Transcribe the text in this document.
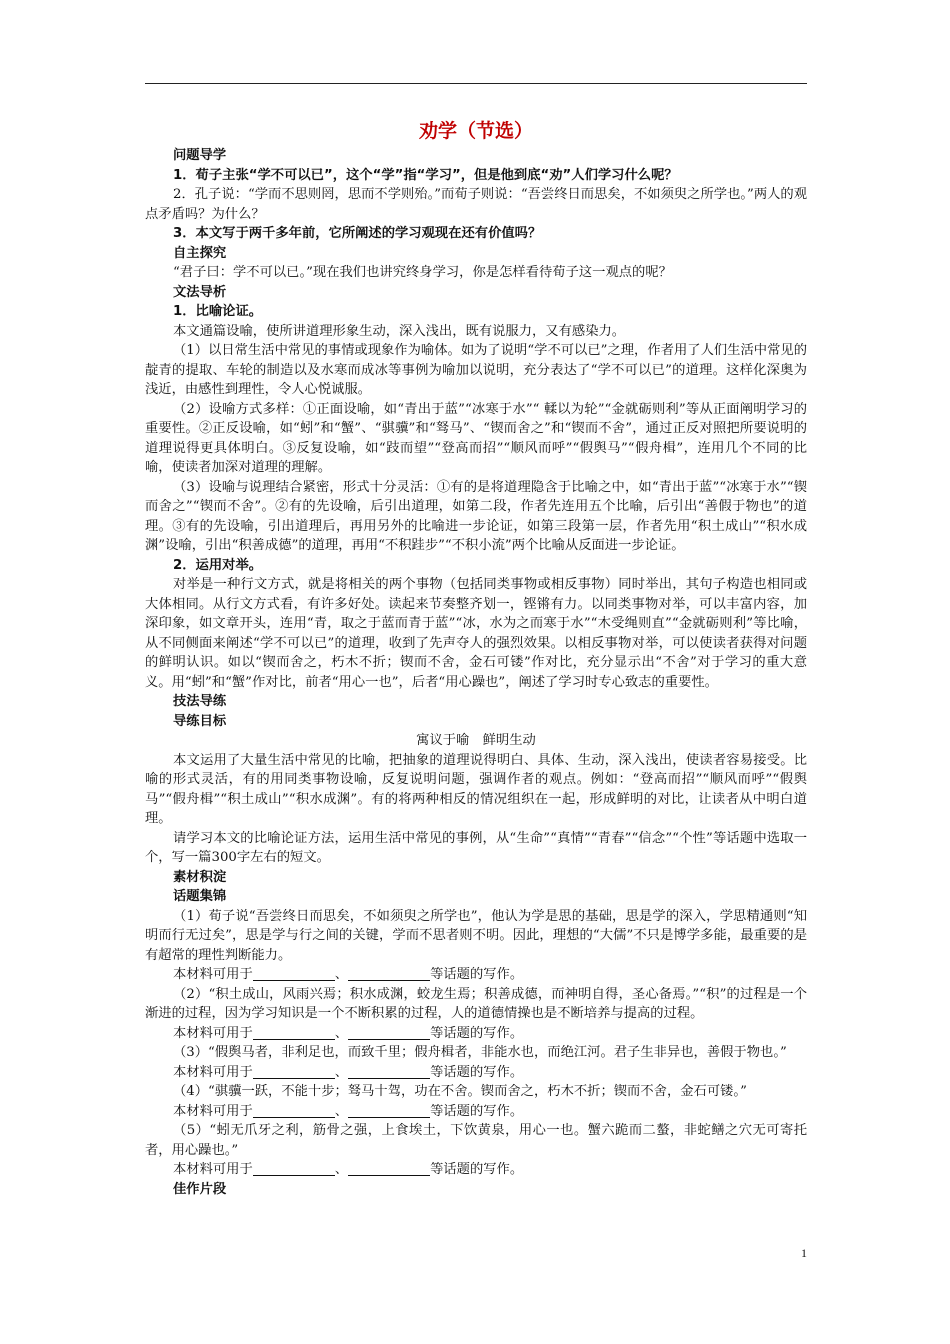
劝学（节选）
问题导学
1．荀子主张“学不可以已”，这个“学”指“学习”，但是他到底“劝”人们学习什么呢？
2．孔子说：“学而不思则罔，思而不学则殆。”而荀子则说：“吾尝终日而思矣，不如须臾之所学也。”两人的观点矛盾吗？为什么？
3．本文写于两千多年前，它所阐述的学习观现在还有价值吗？
自主探究
“君子曰：学不可以已。”现在我们也讲究终身学习，你是怎样看待荀子这一观点的呢？
文法导析
1．比喻论证。
本文通篇设喻，使所讲道理形象生动，深入浅出，既有说服力，又有感染力。
（1）以日常生活中常见的事情或现象作为喻体。如为了说明“学不可以已”之理，作者用了人们生活中常见的靛青的提取、车轮的制造以及水寒而成冰等事例为喻加以说明，充分表达了“学不可以已”的道理。这样化深奥为浅近，由感性到理性，令人心悦诚服。
（2）设喻方式多样：①正面设喻，如“青出于蓝”“冰寒于水”“ 輮以为轮”“金就砺则利”等从正面阐明学习的重要性。②正反设喻，如“蚓”和“蟹”、“骐骥”和“驽马”、“锲而舍之”和“锲而不舍”，通过正反对照把所要说明的道理说得更具体明白。③反复设喻，如“跂而望”“登高而招”“顺风而呼”“假舆马”“假舟楫”，连用几个不同的比喻，使读者加深对道理的理解。
（3）设喻与说理结合紧密，形式十分灵活：①有的是将道理隐含于比喻之中，如“青出于蓝”“冰寒于水”“锲而舍之”“锲而不舍”。②有的先设喻，后引出道理，如第二段，作者先连用五个比喻，后引出“善假于物也”的道理。③有的先设喻，引出道理后，再用另外的比喻进一步论证，如第三段第一层，作者先用“积土成山”“积水成渊”设喻，引出“积善成德”的道理，再用“不积跬步”“不积小流”两个比喻从反面进一步论证。
2．运用对举。
对举是一种行文方式，就是将相关的两个事物（包括同类事物或相反事物）同时举出，其句子构造也相同或大体相同。从行文方式看，有许多好处。读起来节奏整齐划一，铿锵有力。以同类事物对举，可以丰富内容，加深印象，如文章开头，连用“青，取之于蓝而青于蓝”“冰，水为之而寒于水”“木受绳则直”“金就砺则利”等比喻，从不同侧面来阐述“学不可以已”的道理，收到了先声夺人的强烈效果。以相反事物对举，可以使读者获得对问题的鲜明认识。如以“锲而舍之，朽木不折；锲而不舍，金石可镂”作对比，充分显示出“不舍”对于学习的重大意义。用“蚓”和“蟹”作对比，前者“用心一也”，后者“用心躁也”，阐述了学习时专心致志的重要性。
技法导练
导练目标
寓议于喻　鲜明生动
本文运用了大量生活中常见的比喻，把抽象的道理说得明白、具体、生动，深入浅出，使读者容易接受。比喻的形式灵活，有的用同类事物设喻，反复说明问题，强调作者的观点。例如：“登高而招”“顺风而呼”“假舆马”“假舟楫”“积土成山”“积水成渊”。有的将两种相反的情况组织在一起，形成鲜明的对比，让读者从中明白道理。
请学习本文的比喻论证方法，运用生活中常见的事例，从“生命”“真情”“青春”“信念”“个性”等话题中选取一个，写一篇300字左右的短文。
素材积淀
话题集锦
（1）荀子说“吾尝终日而思矣，不如须臾之所学也”，他认为学是思的基础，思是学的深入，学思精通则“知明而行无过矣”，思是学与行之间的关键，学而不思者则不明。因此，理想的“大儒”不只是博学多能，最重要的是有超常的理性判断能力。
本材料可用于	、	等话题的写作。
（2）“积土成山，风雨兴焉；积水成渊，蛟龙生焉；积善成德，而神明自得，圣心备焉。”“积”的过程是一个渐进的过程，因为学习知识是一个不断积累的过程，人的道德情操也是不断培养与提高的过程。
本材料可用于	、	等话题的写作。
（3）“假舆马者，非利足也，而致千里；假舟楫者，非能水也，而绝江河。君子生非异也，善假于物也。”
本材料可用于	、	等话题的写作。
（4）“骐骥一跃，不能十步；驽马十驾，功在不舍。锲而舍之，朽木不折；锲而不舍，金石可镂。”
本材料可用于	、	等话题的写作。
（5）“蚓无爪牙之利，筋骨之强，上食埃土，下饮黄泉，用心一也。蟹六跪而二螯，非蛇鳝之穴无可寄托者，用心躁也。”
本材料可用于	、	等话题的写作。
佳作片段
1
